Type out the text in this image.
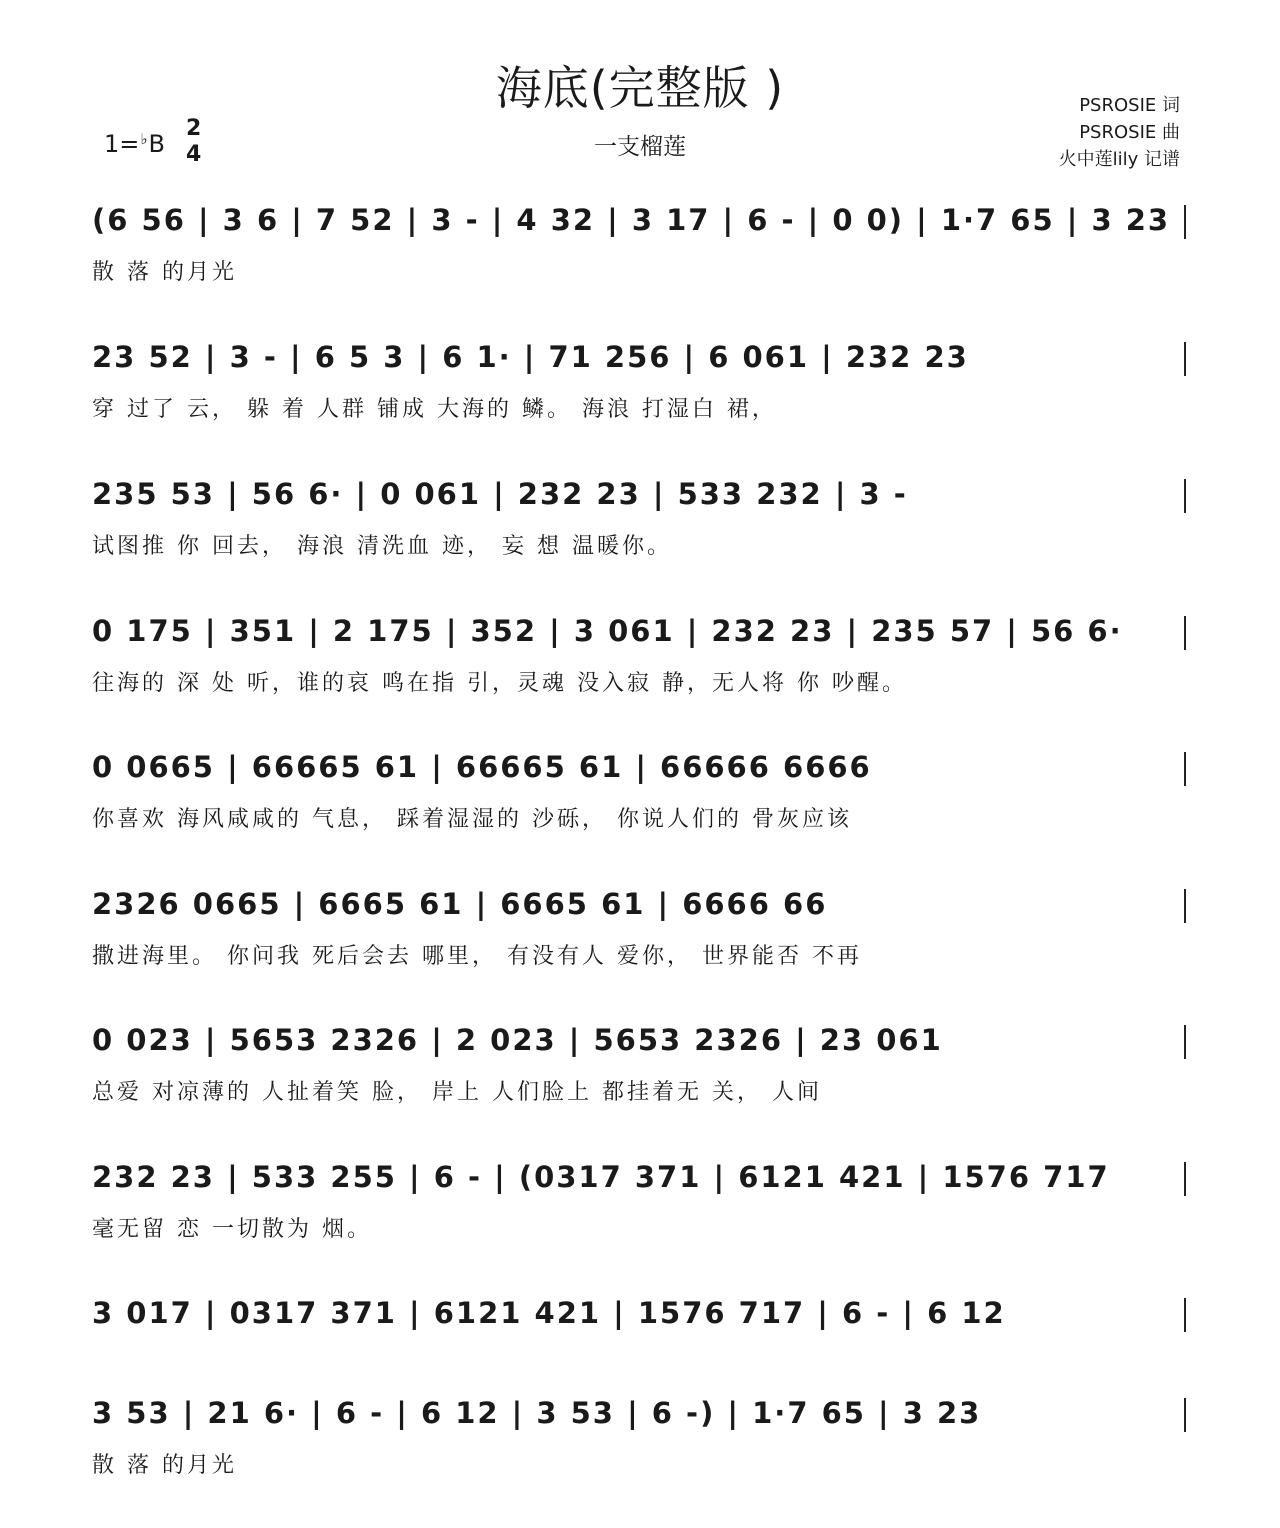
海底(完整版 )
一支榴莲
1=♭B
2
4
PSROSIE 词
PSROSIE 曲
火中莲lily 记谱
(6 56 | 3 6 | 7 52 | 3 - | 4 32 | 3 17 | 6 - | 0 0) | 1·7 65 | 3 23
散 落 的月光
23 52 | 3 - | 6 5 3 | 6 1· | 71 256 | 6 061 | 232 23
穿 过了 云， 躲 着 人群 铺成 大海的 鳞。 海浪 打湿白 裙，
235 53 | 56 6· | 0 061 | 232 23 | 533 232 | 3 -
试图推 你 回去， 海浪 清洗血 迹， 妄 想 温暖你。
0 175 | 351 | 2 175 | 352 | 3 061 | 232 23 | 235 57 | 56 6·
往海的 深 处 听，谁的哀 鸣在指 引，灵魂 没入寂 静，无人将 你 吵醒。
0 0665 | 66665 61 | 66665 61 | 66666 6666
你喜欢 海风咸咸的 气息， 踩着湿湿的 沙砾， 你说人们的 骨灰应该
2326 0665 | 6665 61 | 6665 61 | 6666 66
撒进海里。 你问我 死后会去 哪里， 有没有人 爱你， 世界能否 不再
0 023 | 5653 2326 | 2 023 | 5653 2326 | 23 061
总爱 对凉薄的 人扯着笑 脸， 岸上 人们脸上 都挂着无 关， 人间
232 23 | 533 255 | 6 - | (0317 371 | 6121 421 | 1576 717
毫无留 恋 一切散为 烟。
3 017 | 0317 371 | 6121 421 | 1576 717 | 6 - | 6 12
3 53 | 21 6· | 6 - | 6 12 | 3 53 | 6 -) | 1·7 65 | 3 23
散 落 的月光
